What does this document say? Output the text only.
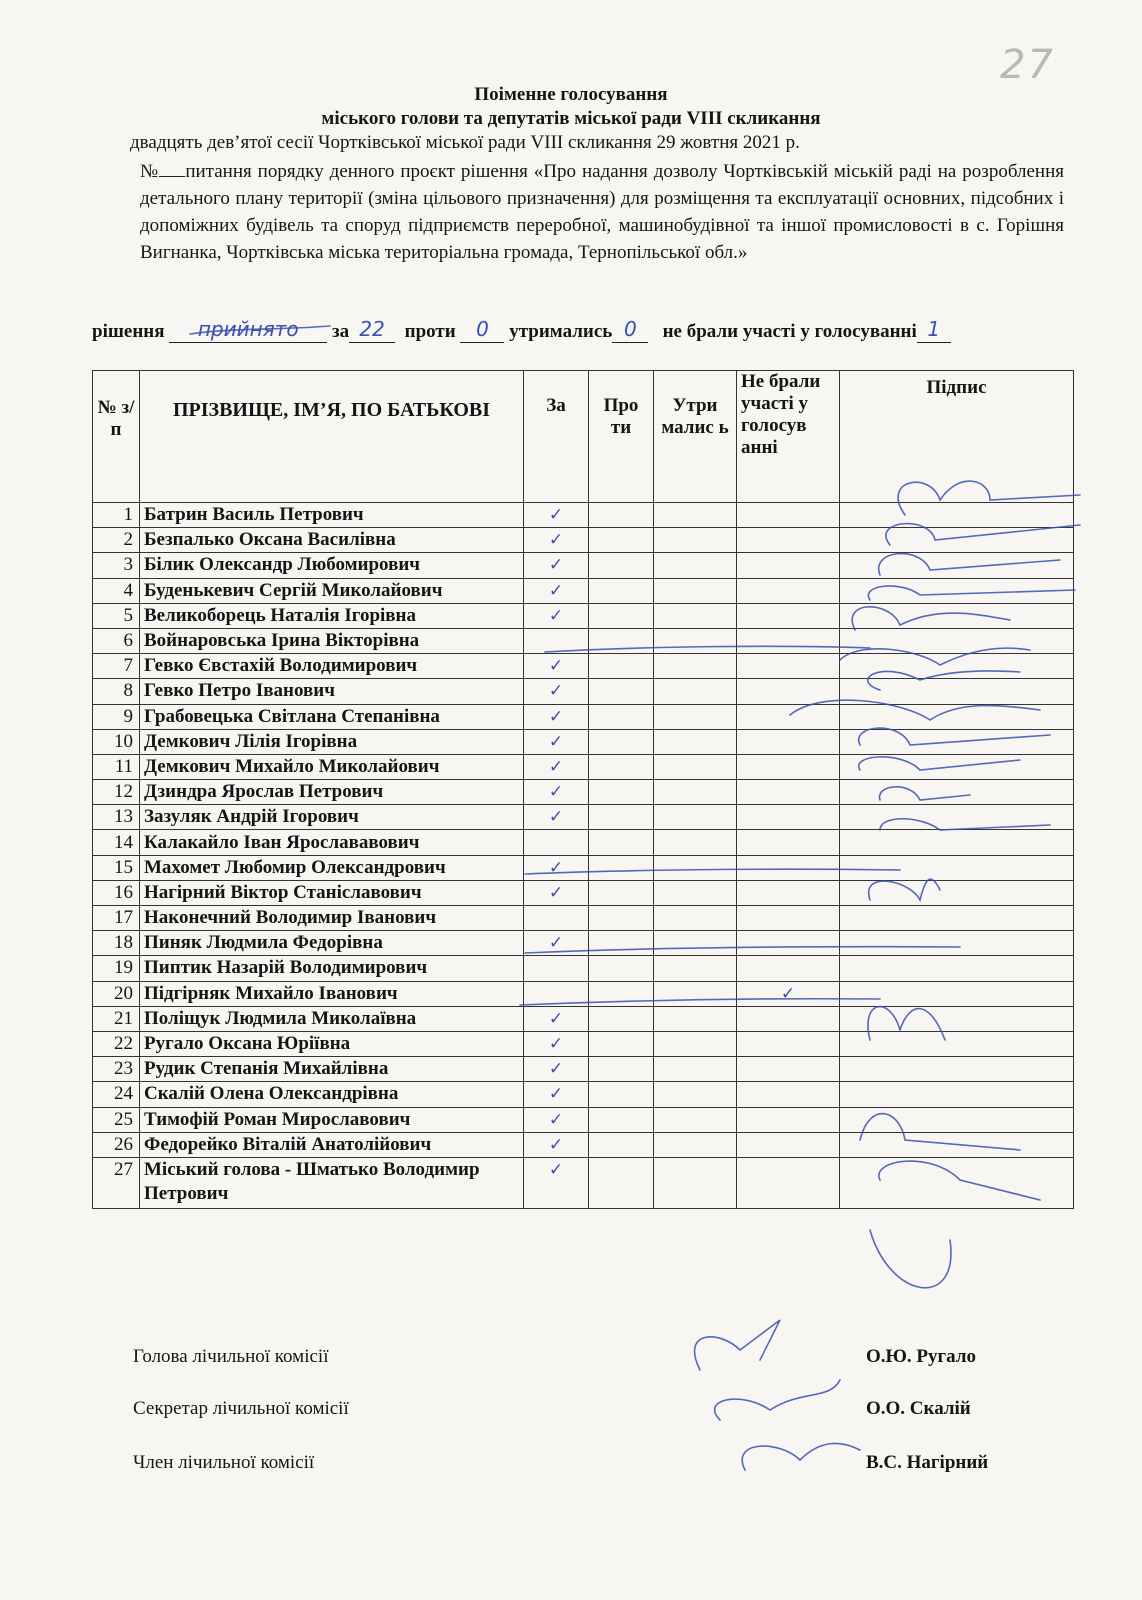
27
Поіменне голосування
міського голови та депутатів міської ради VIII скликання
двадцять дев’ятої сесії Чортківської міської ради VIII скликання 29 жовтня 2021 р.
№ питання порядку денного проєкт рішення «Про надання дозволу Чортківській міській раді на розроблення детального плану території (зміна цільового призначення) для розміщення та експлуатації основних, підсобних і допоміжних будівель та споруд підприємств переробної, машинобудівної та іншої промисловості в с. Горішня Вигнанка, Чортківська міська територіальна громада, Тернопільської обл.»
рішення	прийнято	за 22	проти	0	утримались 0	не брали участі у голосуванні 1
№ з/п	ПРІЗВИЩЕ, ІМ’Я, ПО БАТЬКОВІ	За	Про ти	Утри малис ь	Не брали участі у голосув анні	Підпис
1	Батрин Василь Петрович	✓				
2	Безпалько Оксана Василівна	✓				
3	Білик Олександр Любомирович	✓				
4	Буденькевич Сергій Миколайович	✓				
5	Великоборець Наталія Ігорівна	✓				
6	Войнаровська Ірина Вікторівна					
7	Гевко Євстахій Володимирович	✓				
8	Гевко Петро Іванович	✓				
9	Грабовецька Світлана Степанівна	✓				
10	Демкович Лілія Ігорівна	✓				
11	Демкович Михайло Миколайович	✓				
12	Дзиндра Ярослав Петрович	✓				
13	Зазуляк Андрій Ігорович	✓				
14	Калакайло Іван Ярослававович					
15	Махомет Любомир Олександрович	✓				
16	Нагірний Віктор Станіславович	✓				
17	Наконечний Володимир Іванович					
18	Пиняк Людмила Федорівна	✓				
19	Пиптик Назарій Володимирович					
20	Підгірняк Михайло Іванович				✓	
21	Поліщук Людмила Миколаївна	✓				
22	Ругало Оксана Юріївна	✓				
23	Рудик Степанія Михайлівна	✓				
24	Скалій Олена Олександрівна	✓				
25	Тимофій Роман Мирославович	✓				
26	Федорейко Віталій Анатолійович	✓				
27	Міський голова - Шматько Володимир Петрович	✓				
Голова лічильної комісії	О.Ю. Ругало
Секретар лічильної комісії	О.О. Скалій
Член лічильної комісії	В.С. Нагірний
